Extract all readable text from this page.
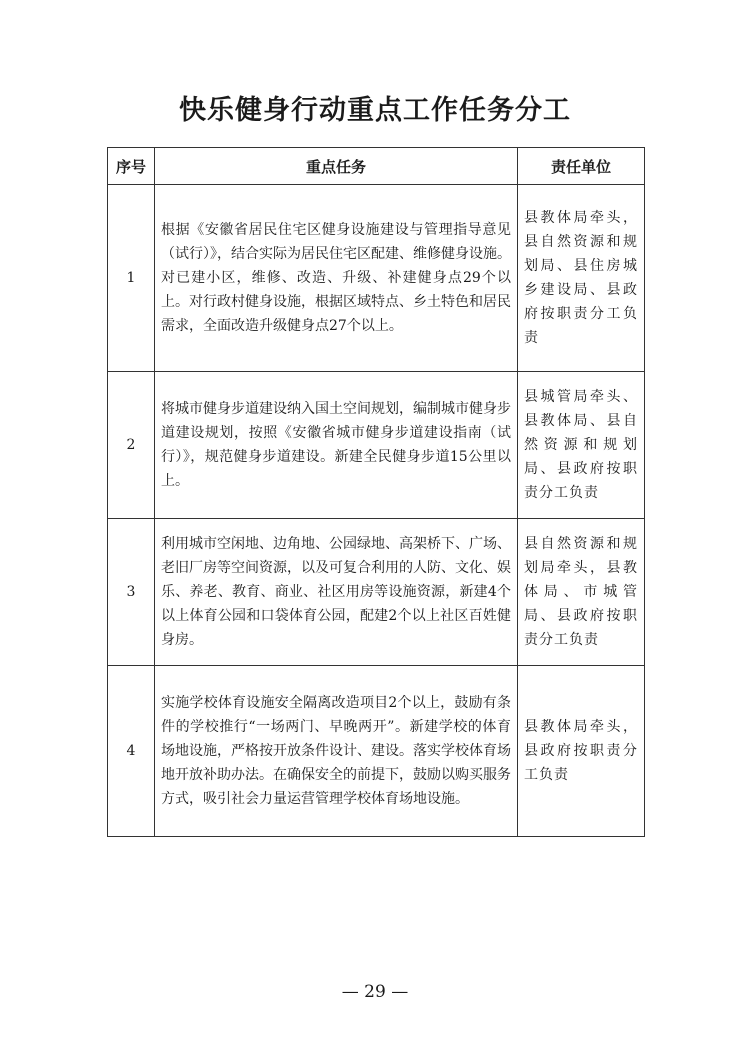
快乐健身行动重点工作任务分工
序号	重点任务	责任单位
1	根据《安徽省居民住宅区健身设施建设与管理指导意见（试行）》，结合实际为居民住宅区配建、维修健身设施。对已建小区，维修、改造、升级、补建健身点29个以上。对行政村健身设施，根据区域特点、乡土特色和居民需求，全面改造升级健身点27个以上。	县教体局牵头，县自然资源和规划局、县住房城乡建设局、县政府按职责分工负责
2	将城市健身步道建设纳入国土空间规划，编制城市健身步道建设规划，按照《安徽省城市健身步道建设指南（试行）》，规范健身步道建设。新建全民健身步道15公里以上。	县城管局牵头、县教体局、县自然资源和规划局、县政府按职责分工负责
3	利用城市空闲地、边角地、公园绿地、高架桥下、广场、老旧厂房等空间资源，以及可复合利用的人防、文化、娱乐、养老、教育、商业、社区用房等设施资源，新建4个以上体育公园和口袋体育公园，配建2个以上社区百姓健身房。	县自然资源和规划局牵头，县教体局、市城管局、县政府按职责分工负责
4	实施学校体育设施安全隔离改造项目2个以上，鼓励有条件的学校推行“一场两门、早晚两开”。新建学校的体育场地设施，严格按开放条件设计、建设。落实学校体育场地开放补助办法。在确保安全的前提下，鼓励以购买服务方式，吸引社会力量运营管理学校体育场地设施。	县教体局牵头，县政府按职责分工负责

— 29 —
